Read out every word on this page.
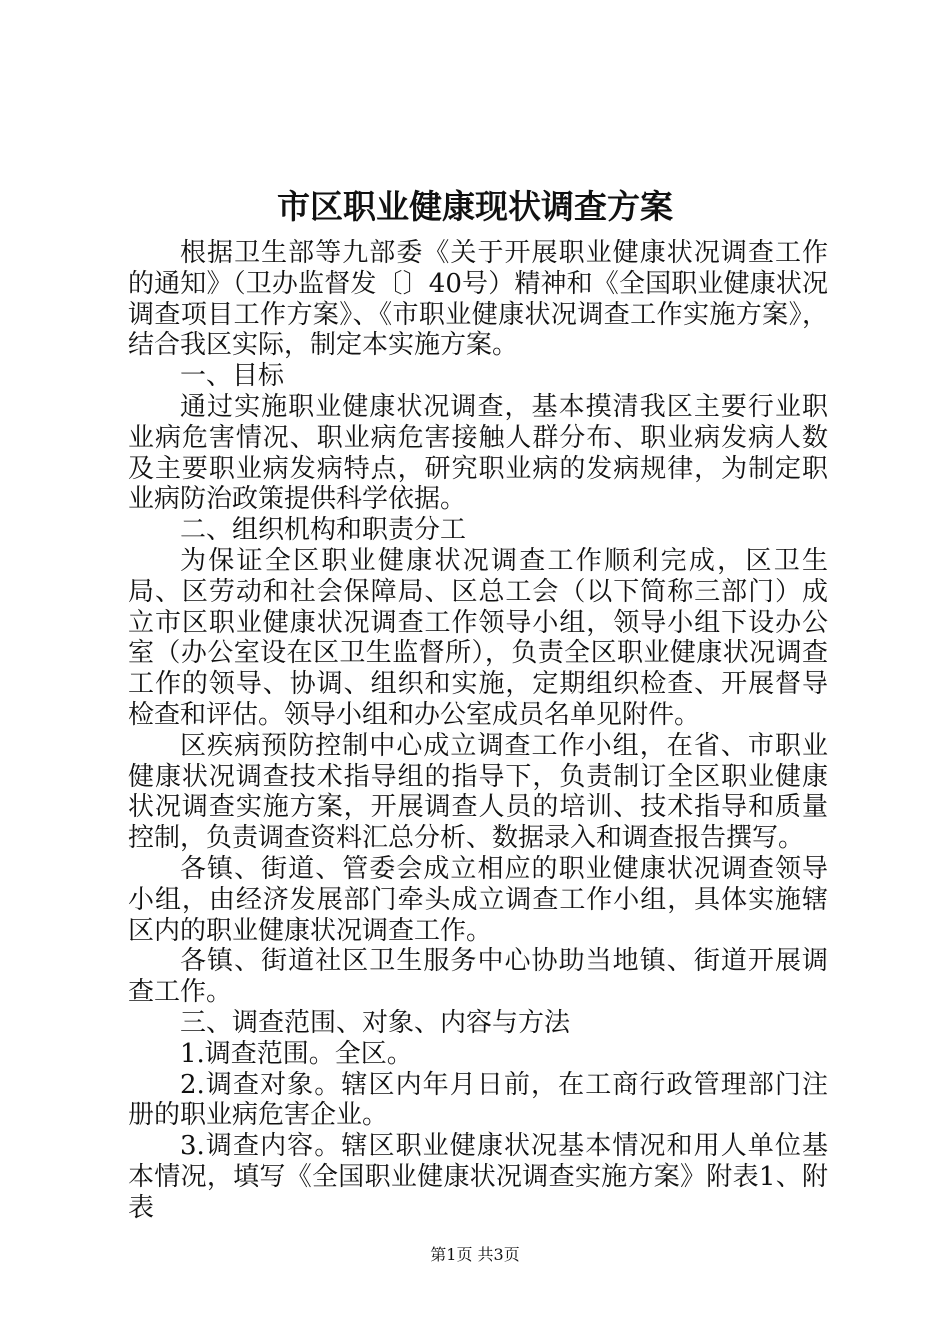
市区职业健康现状调查方案

根据卫生部等九部委《关于开展职业健康状况调查工作的通知》（卫办监督发〔〕40号）精神和《全国职业健康状况调查项目工作方案》、《市职业健康状况调查工作实施方案》，结合我区实际，制定本实施方案。

一、目标

通过实施职业健康状况调查，基本摸清我区主要行业职业病危害情况、职业病危害接触人群分布、职业病发病人数及主要职业病发病特点，研究职业病的发病规律，为制定职业病防治政策提供科学依据。

二、组织机构和职责分工

为保证全区职业健康状况调查工作顺利完成，区卫生局、区劳动和社会保障局、区总工会（以下简称三部门）成立市区职业健康状况调查工作领导小组，领导小组下设办公室（办公室设在区卫生监督所），负责全区职业健康状况调查工作的领导、协调、组织和实施，定期组织检查、开展督导检查和评估。领导小组和办公室成员名单见附件。

区疾病预防控制中心成立调查工作小组，在省、市职业健康状况调查技术指导组的指导下，负责制订全区职业健康状况调查实施方案，开展调查人员的培训、技术指导和质量控制，负责调查资料汇总分析、数据录入和调查报告撰写。

各镇、街道、管委会成立相应的职业健康状况调查领导小组，由经济发展部门牵头成立调查工作小组，具体实施辖区内的职业健康状况调查工作。

各镇、街道社区卫生服务中心协助当地镇、街道开展调查工作。

三、调查范围、对象、内容与方法

1.调查范围。全区。

2.调查对象。辖区内年月日前，在工商行政管理部门注册的职业病危害企业。

3.调查内容。辖区职业健康状况基本情况和用人单位基本情况，填写《全国职业健康状况调查实施方案》附表1、附表

第1页 共3页
